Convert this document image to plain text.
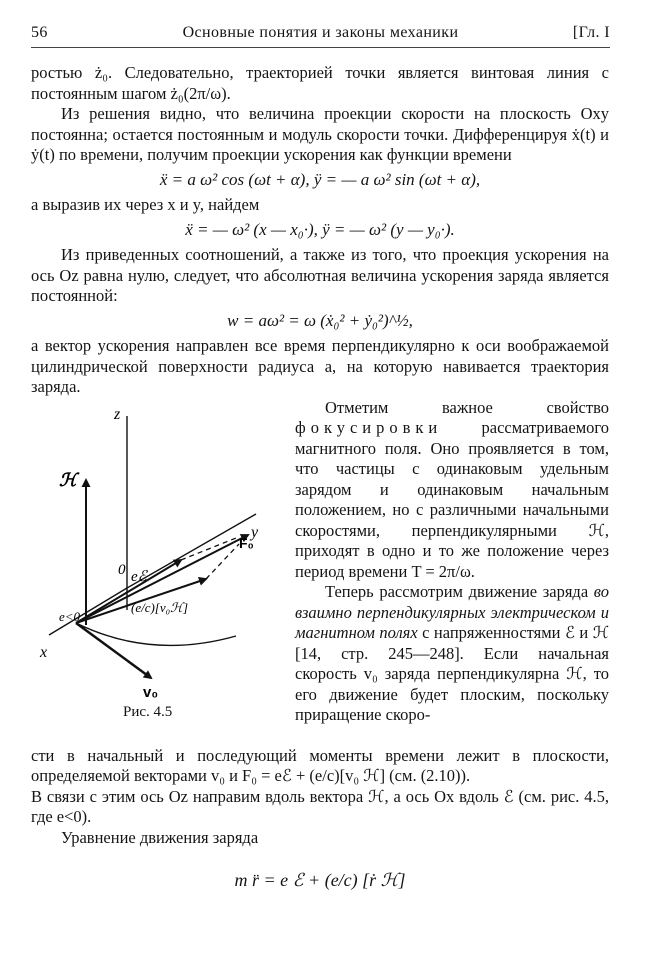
56	Основные понятия и законы механики	[Гл. I

ростью ż₀. Следовательно, траекторией точки является винтовая линия с постоянным шагом ż₀(2π/ω).

Из решения видно, что величина проекции скорости на плоскость Oxy постоянна; остается постоянным и модуль скорости точки. Дифференцируя ẋ(t) и ẏ(t) по времени, получим проекции ускорения как функции времени

ẍ = a ω² cos (ωt + α), ÿ = — a ω² sin (ωt + α),

а выразив их через x и y, найдем

ẍ = — ω² (x — x₀·), ÿ = — ω² (y — y₀·).

Из приведенных соотношений, а также из того, что проекция ускорения на ось Oz равна нулю, следует, что абсолютная величина ускорения заряда является постоянной:

w = aω² = ω (ẋ₀² + ẏ₀²)^½,

а вектор ускорения направлен все время перпендикулярно к оси воображаемой цилиндрической поверхности радиуса a, на которую навивается траектория заряда.

z
ℋ
0
y
F₀
eℰ
(e/c)[v₀ℋ]
e<0
x
v₀
Рис. 4.5

Отметим важное свойство фокусировки рассматриваемого магнитного поля. Оно проявляется в том, что частицы с одинаковым удельным зарядом и одинаковым начальным положением, но с различными начальными скоростями, перпендикулярными ℋ, приходят в одно и то же положение через период времени T = 2π/ω.

Теперь рассмотрим движение заряда во взаимно перпендикулярных электрическом и магнитном полях с напряженностями ℰ и ℋ [14, стр. 245—248]. Если начальная скорость v₀ заряда перпендикулярна ℋ, то его движение будет плоским, поскольку приращение скоро-

сти в начальный и последующий моменты времени лежит в плоскости, определяемой векторами v₀ и F₀ = eℰ + (e/c)[v₀ ℋ] (см. (2.10)).

В связи с этим ось Oz направим вдоль вектора ℋ, а ось Ox вдоль ℰ (см. рис. 4.5, где e<0).

Уравнение движения заряда

m r̈ = e ℰ + (e/c) [ṙ ℋ]
